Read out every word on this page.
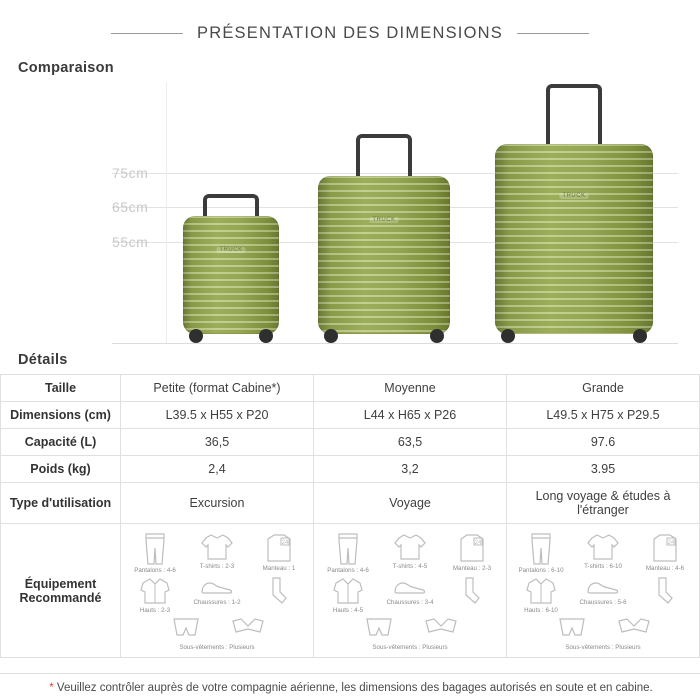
PRÉSENTATION DES DIMENSIONS
Comparaison
75cm
65cm
55cm	TRUCK
TRUCK
TRUCK
Détails
Taille	Petite (format Cabine*)	Moyenne	Grande
Dimensions (cm)	L39.5 x H55 x P20	L44 x H65 x P26	L49.5 x H75 x P29.5
Capacité (L)	36,5	63,5	97.6
Poids (kg)	2,4	3,2	3.95
Type d'utilisation	Excursion	Voyage	Long voyage & études à l'étranger

Équipement
Recommandé

Pantalons : 4-6
T-shirts : 2-3
24
Manteau : 1
Hauts : 2-3
Chaussures : 1-2
Sous-vêtements : Plusieurs

Pantalons : 4-6
T-shirts : 4-5
24
Manteau : 2-3
Hauts : 4-5
Chaussures : 3-4
Sous-vêtements : Plusieurs

Pantalons : 6-10
T-shirts : 6-10
24
Manteau : 4-6
Hauts : 6-10
Chaussures : 5-6
Sous-vêtements : Plusieurs
* Veuillez contrôler auprès de votre compagnie aérienne, les dimensions des bagages autorisés en soute et en cabine.
